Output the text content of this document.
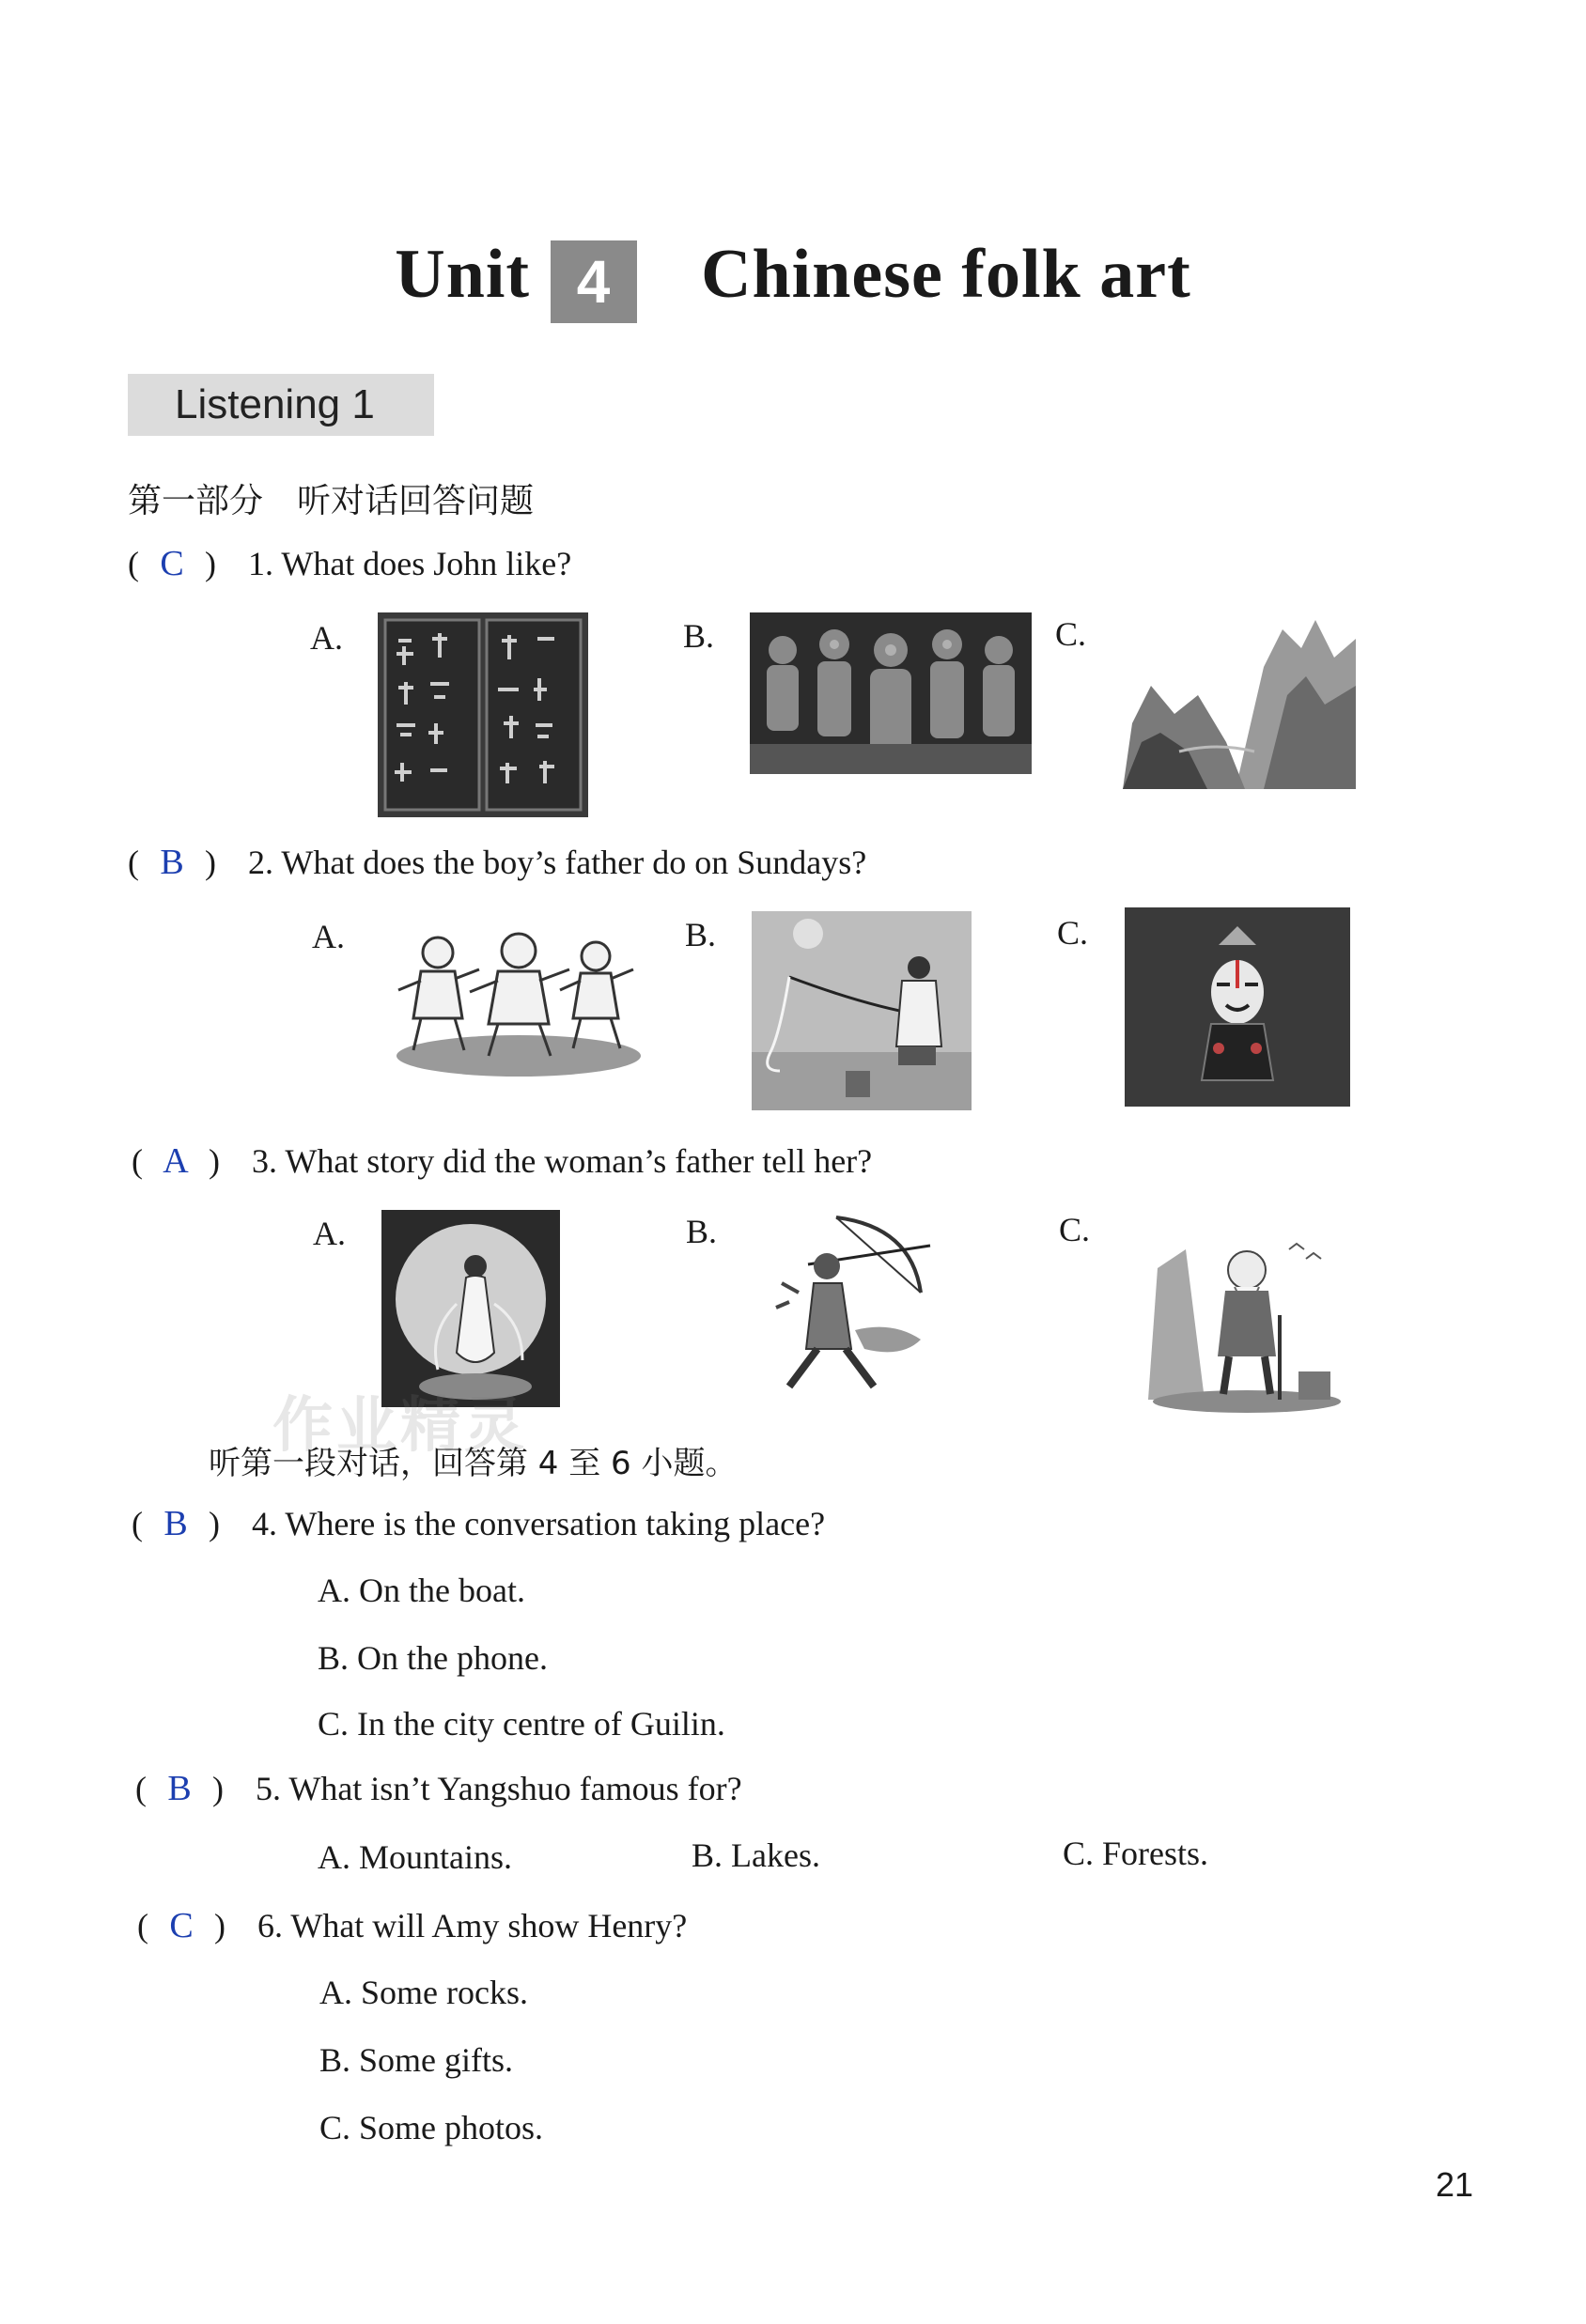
Unit 4 Chinese folk art
Listening 1
第一部分　听对话回答问题
( C ) 1. What does John like?
A.	B.	C.
( B ) 2. What does the boy’s father do on Sundays?
A.	B.	C.
( A ) 3. What story did the woman’s father tell her?
A.	B.	C.
作业精灵
听第一段对话，回答第 4 至 6 小题。
( B ) 4. Where is the conversation taking place?
A. On the boat.
B. On the phone.
C. In the city centre of Guilin.
( B ) 5. What isn’t Yangshuo famous for?
A. Mountains.	B. Lakes.	C. Forests.
( C ) 6. What will Amy show Henry?
A. Some rocks.
B. Some gifts.
C. Some photos.
21
